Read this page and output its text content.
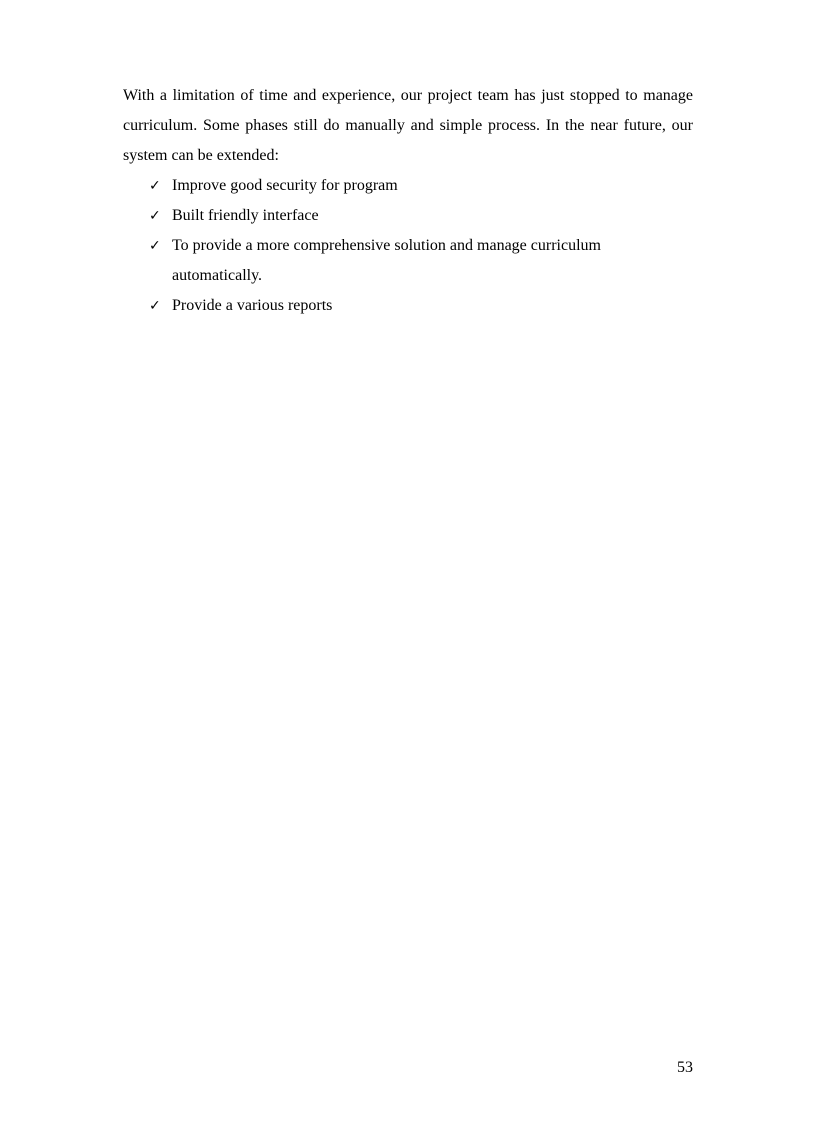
With a limitation of time and experience, our project team has just stopped to manage curriculum. Some phases still do manually and simple process. In the near future, our system can be extended:

✓ Improve good security for program
✓ Built friendly interface
✓ To provide a more comprehensive solution and manage curriculum automatically.
✓ Provide a various reports
53
